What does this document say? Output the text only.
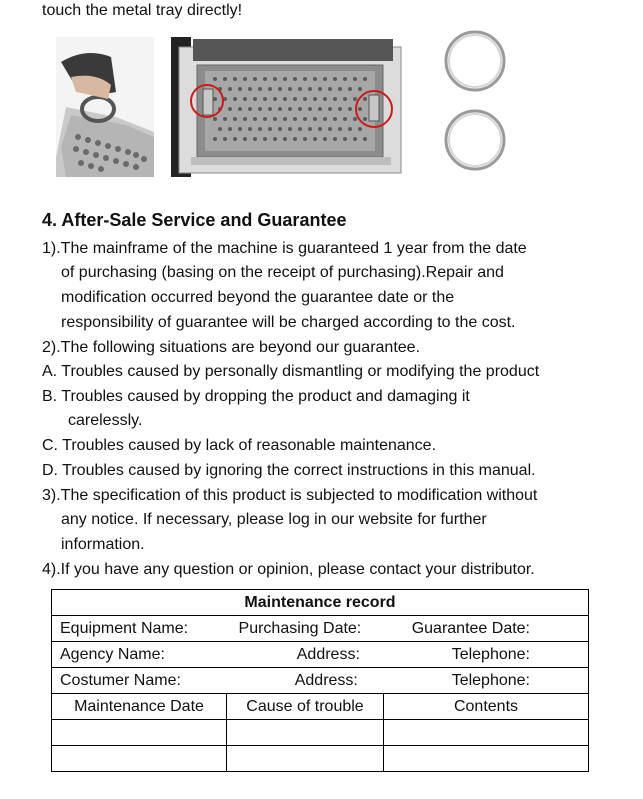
touch the metal tray directly!
4. After-Sale Service and Guarantee
1).The mainframe of the machine is guaranteed 1 year from the date
of purchasing (basing on the receipt of purchasing).Repair and
modification occurred beyond the guarantee date or the
responsibility of guarantee will be charged according to the cost.
2).The following situations are beyond our guarantee.
A. Troubles caused by personally dismantling or modifying the product
B. Troubles caused by dropping the product and damaging it
carelessly.
C. Troubles caused by lack of reasonable maintenance.
D. Troubles caused by ignoring the correct instructions in this manual.
3).The specification of this product is subjected to modification without
any notice. If necessary, please log in our website for further
information.
4).If you have any question or opinion, please contact your distributor.
Maintenance record		

Equipment Name: Purchasing Date: Guarantee Date:		

Agency Name: Address: Telephone:		

Costumer Name: Address: Telephone:		

Maintenance Date	Cause of trouble	Contents
